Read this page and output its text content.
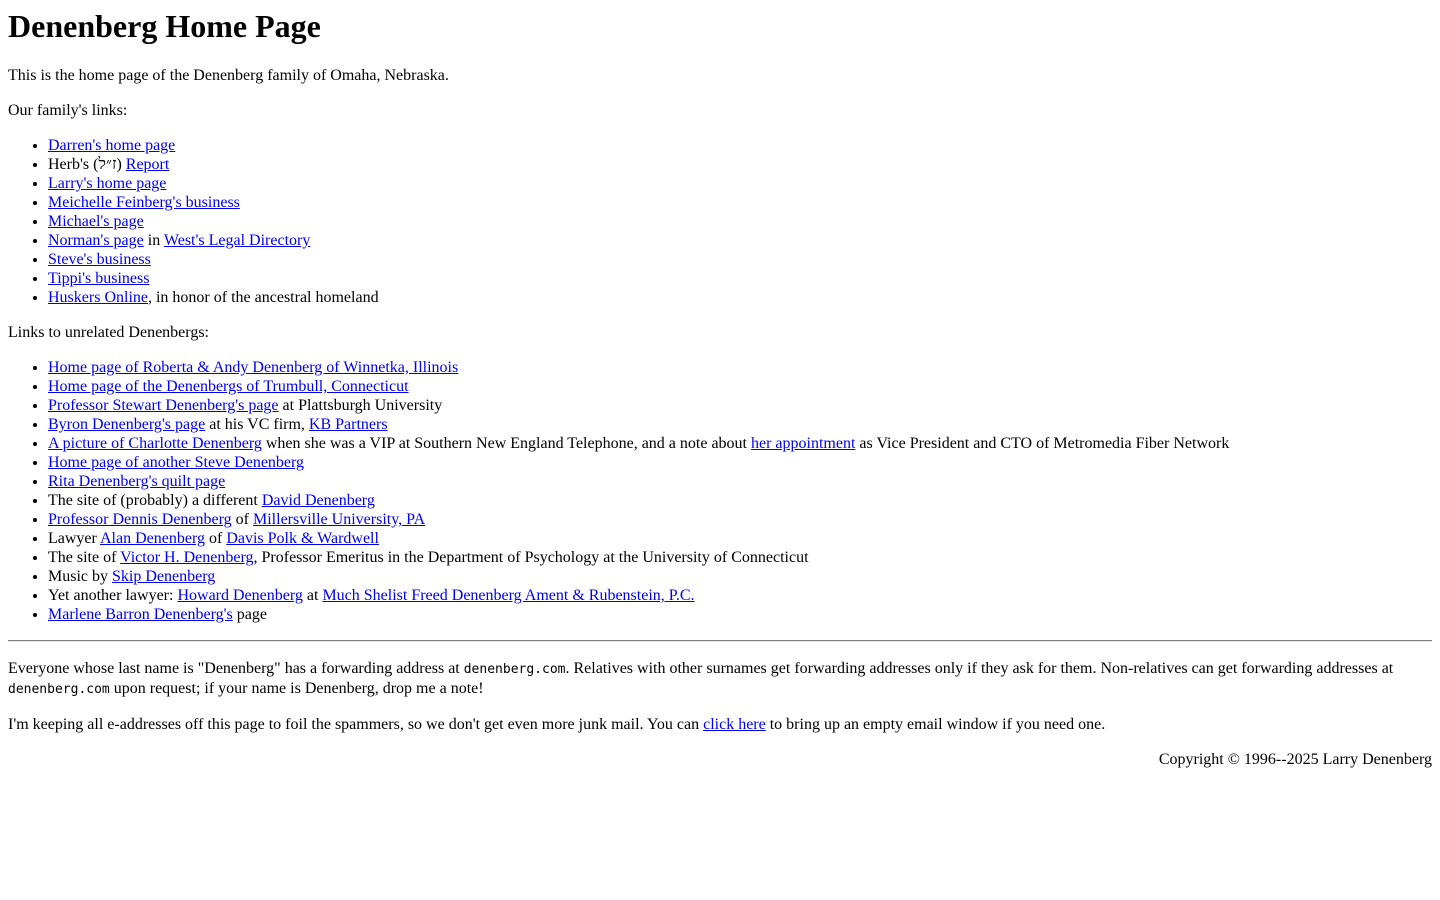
Denenberg Home Page

This is the home page of the Denenberg family of Omaha, Nebraska.

Our family's links:

• Darren's home page
• Herb's (ז״ל) Report
• Larry's home page
• Meichelle Feinberg's business
• Michael's page
• Norman's page in West's Legal Directory
• Steve's business
• Tippi's business
• Huskers Online, in honor of the ancestral homeland

Links to unrelated Denenbergs:

• Home page of Roberta & Andy Denenberg of Winnetka, Illinois
• Home page of the Denenbergs of Trumbull, Connecticut
• Professor Stewart Denenberg's page at Plattsburgh University
• Byron Denenberg's page at his VC firm, KB Partners
• A picture of Charlotte Denenberg when she was a VIP at Southern New England Telephone, and a note about her appointment as Vice President and CTO of Metromedia Fiber Network
• Home page of another Steve Denenberg
• Rita Denenberg's quilt page
• The site of (probably) a different David Denenberg
• Professor Dennis Denenberg of Millersville University, PA
• Lawyer Alan Denenberg of Davis Polk & Wardwell
• The site of Victor H. Denenberg, Professor Emeritus in the Department of Psychology at the University of Connecticut
• Music by Skip Denenberg
• Yet another lawyer: Howard Denenberg at Much Shelist Freed Denenberg Ament & Rubenstein, P.C.
• Marlene Barron Denenberg's page

Everyone whose last name is "Denenberg" has a forwarding address at denenberg.com. Relatives with other surnames get forwarding addresses only if they ask for them. Non-relatives can get forwarding addresses at denenberg.com upon request; if your name is Denenberg, drop me a note!

I'm keeping all e-addresses off this page to foil the spammers, so we don't get even more junk mail. You can click here to bring up an empty email window if you need one.

Copyright © 1996--2025 Larry Denenberg
